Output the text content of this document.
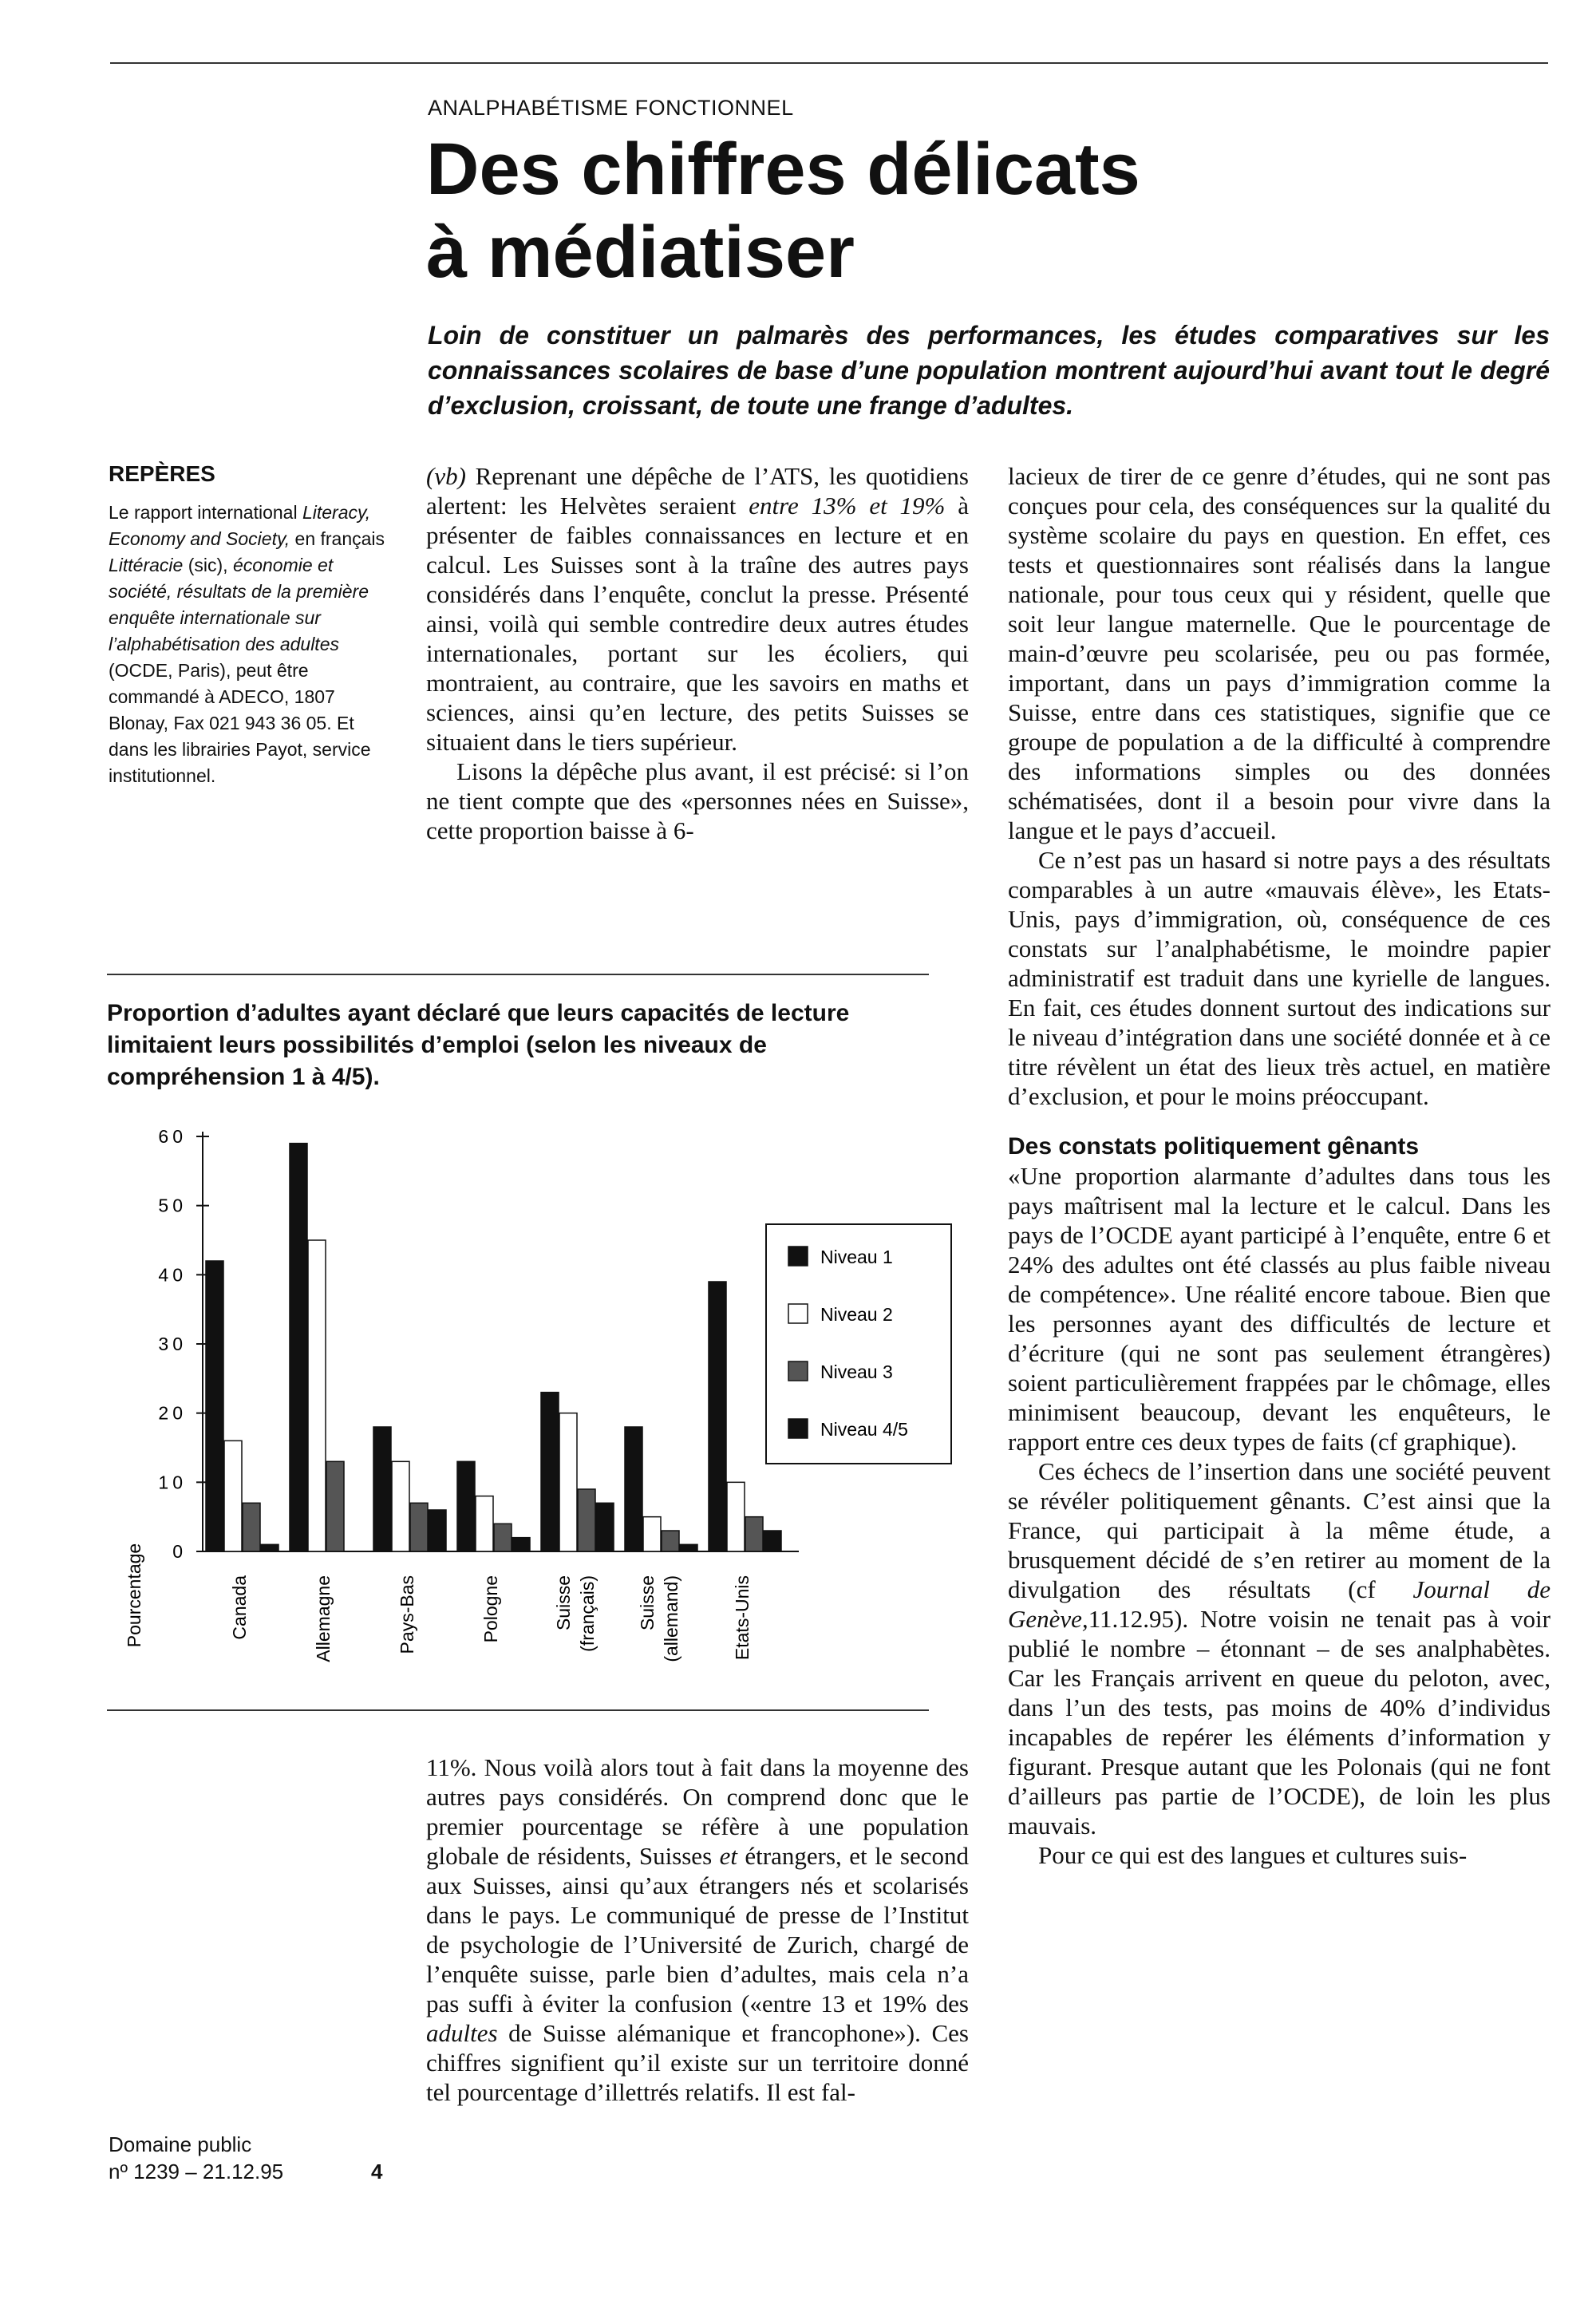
ANALPHABÉTISME FONCTIONNEL
Des chiffres délicats
à médiatiser
Loin de constituer un palmarès des performances, les études comparatives sur les connaissances scolaires de base d’une population montrent aujourd’hui avant tout le degré d’exclusion, croissant, de toute une frange d’adultes.
REPÈRES
Le rapport international Literacy, Economy and Society, en français Littéracie (sic), économie et société, résultats de la première enquête internationale sur l’alphabétisation des adultes (OCDE, Paris), peut être commandé à ADECO, 1807 Blonay, Fax 021 943 36 05. Et dans les librairies Payot, service institutionnel.

(vb) Reprenant une dépêche de l’ATS, les quotidiens alertent: les Helvètes seraient entre 13% et 19% à présenter de faibles connaissances en lecture et en calcul. Les Suisses sont à la traîne des autres pays considérés dans l’enquête, conclut la presse. Présenté ainsi, voilà qui semble contredire deux autres études internationales, portant sur les écoliers, qui montraient, au contraire, que les savoirs en maths et sciences, ainsi qu’en lecture, des petits Suisses se situaient dans le tiers supérieur.

Lisons la dépêche plus avant, il est précisé: si l’on ne tient compte que des «personnes nées en Suisse», cette proportion baisse à 6-

Proportion d’adultes ayant déclaré que leurs capacités de lecture limitaient leurs possibilités d’emploi (selon les niveaux de compréhension 1 à 4/5).
0
10
20
30
40
50
60
Pourcentage	Canada	Allemagne	Pays-Bas	Pologne	Suisse (français) Suisse (allemand)	Etats-Unis
Niveau 1
Niveau 2
Niveau 3
Niveau 4/5

11%. Nous voilà alors tout à fait dans la moyenne des autres pays considérés. On comprend donc que le premier pourcentage se réfère à une population globale de résidents, Suisses et étrangers, et le second aux Suisses, ainsi qu’aux étrangers nés et scolarisés dans le pays. Le communiqué de presse de l’Institut de psychologie de l’Université de Zurich, chargé de l’enquête suisse, parle bien d’adultes, mais cela n’a pas suffi à éviter la confusion («entre 13 et 19% des adultes de Suisse alémanique et francophone»). Ces chiffres signifient qu’il existe sur un territoire donné tel pourcentage d’illettrés relatifs. Il est fal-

lacieux de tirer de ce genre d’études, qui ne sont pas conçues pour cela, des conséquences sur la qualité du système scolaire du pays en question. En effet, ces tests et questionnaires sont réalisés dans la langue nationale, pour tous ceux qui y résident, quelle que soit leur langue maternelle. Que le pourcentage de main-d’œuvre peu scolarisée, peu ou pas formée, important, dans un pays d’immigration comme la Suisse, entre dans ces statistiques, signifie que ce groupe de population a de la difficulté à comprendre des informations simples ou des données schématisées, dont il a besoin pour vivre dans la langue et le pays d’accueil.

Ce n’est pas un hasard si notre pays a des résultats comparables à un autre «mauvais élève», les Etats-Unis, pays d’immigration, où, conséquence de ces constats sur l’analphabétisme, le moindre papier administratif est traduit dans une kyrielle de langues. En fait, ces études donnent surtout des indications sur le niveau d’intégration dans une société donnée et à ce titre révèlent un état des lieux très actuel, en matière d’exclusion, et pour le moins préoccupant.

Des constats politiquement gênants

«Une proportion alarmante d’adultes dans tous les pays maîtrisent mal la lecture et le calcul. Dans les pays de l’OCDE ayant participé à l’enquête, entre 6 et 24% des adultes ont été classés au plus faible niveau de compétence». Une réalité encore taboue. Bien que les personnes ayant des difficultés de lecture et d’écriture (qui ne sont pas seulement étrangères) soient particulièrement frappées par le chômage, elles minimisent beaucoup, devant les enquêteurs, le rapport entre ces deux types de faits (cf graphique).

Ces échecs de l’insertion dans une société peuvent se révéler politiquement gênants. C’est ainsi que la France, qui participait à la même étude, a brusquement décidé de s’en retirer au moment de la divulgation des résultats (cf Journal de Genève,11.12.95). Notre voisin ne tenait pas à voir publié le nombre – étonnant – de ses analphabètes. Car les Français arrivent en queue du peloton, avec, dans l’un des tests, pas moins de 40% d’individus incapables de repérer les éléments d’information y figurant. Presque autant que les Polonais (qui ne font d’ailleurs pas partie de l’OCDE), de loin les plus mauvais.

Pour ce qui est des langues et cultures suis-

Domaine public
nº 1239 – 21.12.95	4
